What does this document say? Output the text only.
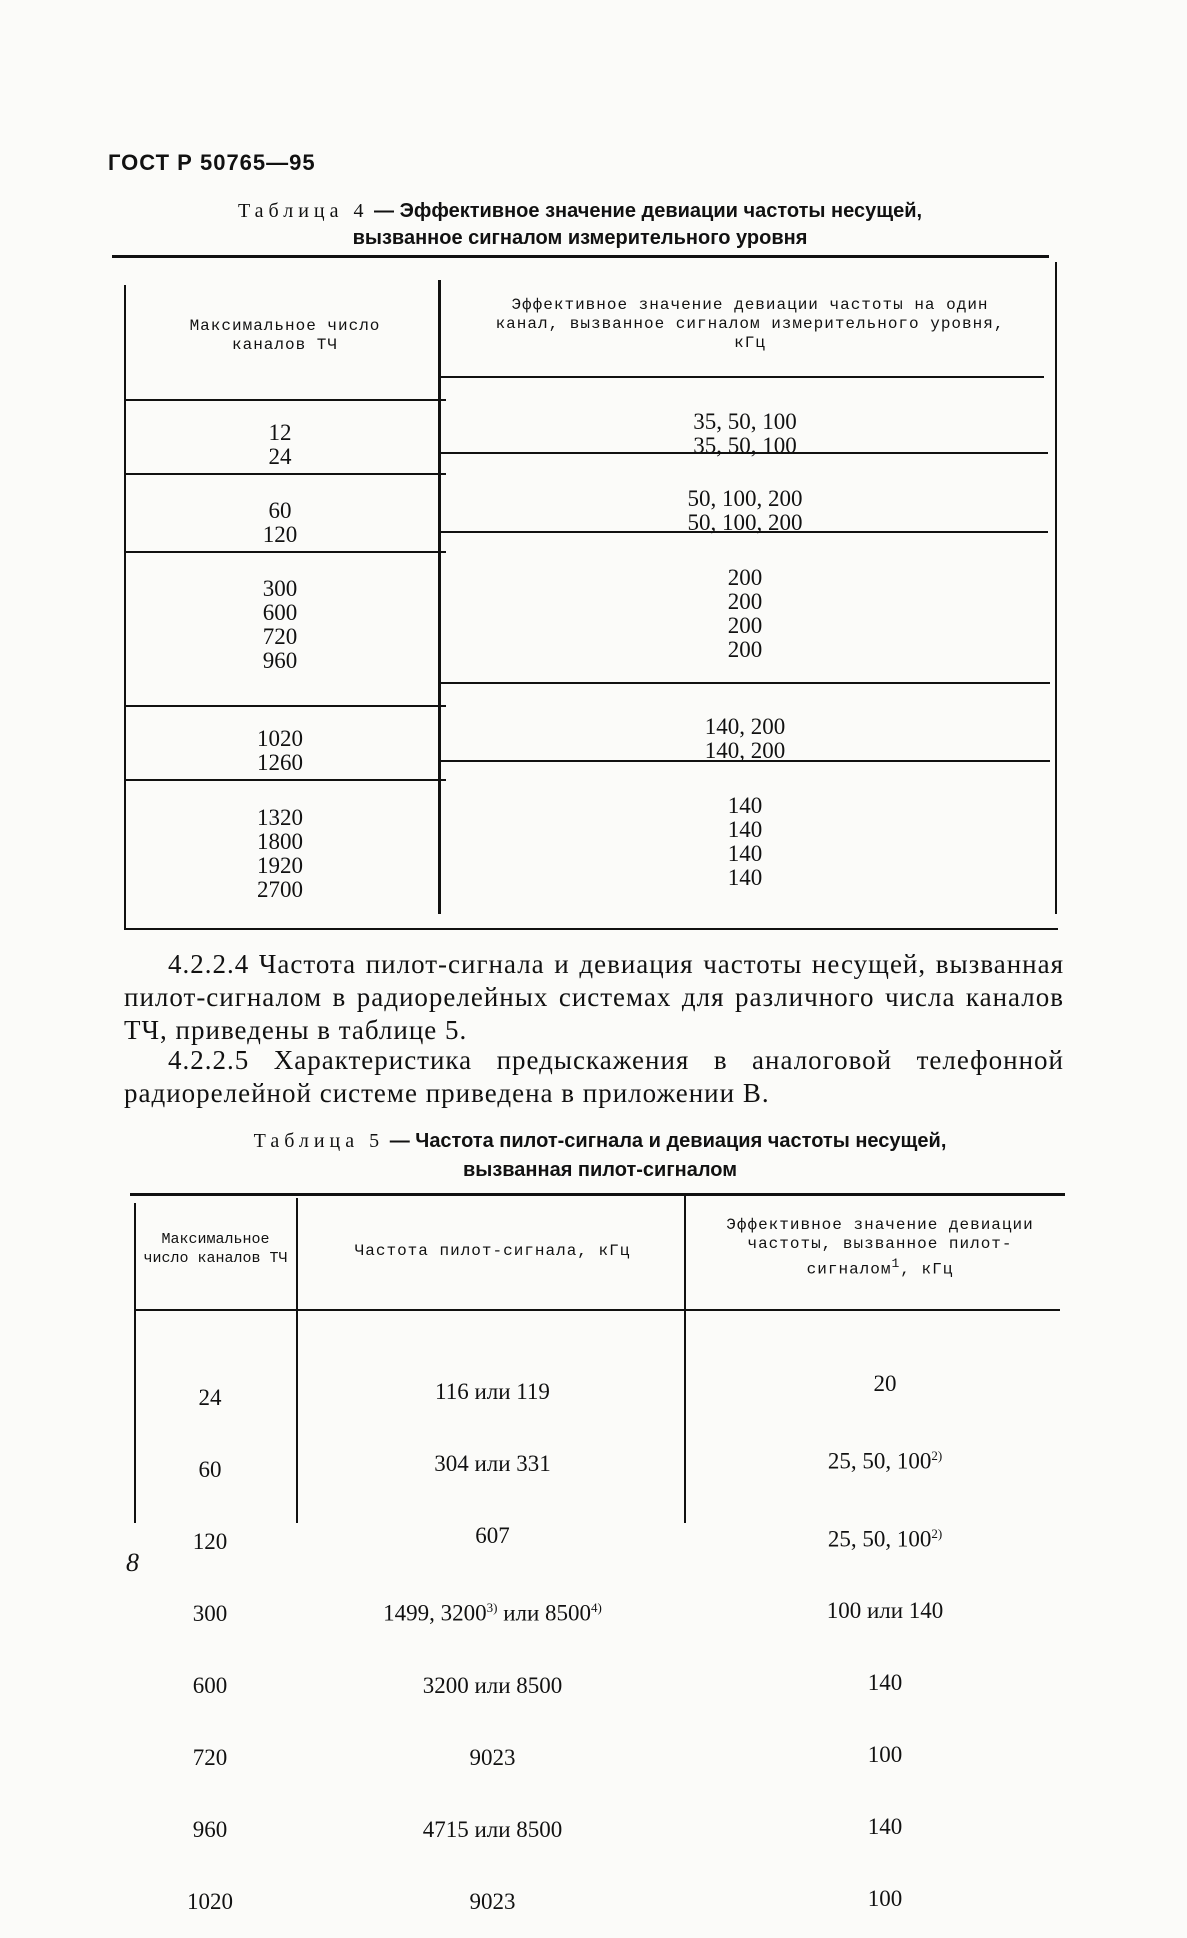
ГОСТ Р 50765—95
Таблица 4 — Эффективное значение девиации частоты несущей,
вызванное сигналом измерительного уровня
Максимальное число каналов ТЧ
Эффективное значение девиации частоты на один канал, вызванное сигналом измерительного уровня, кГц
12
24
35, 50, 100
35, 50, 100
60
120
50, 100, 200
50, 100, 200
300
600
720
960
200
200
200
200
1020
1260
140, 200
140, 200
1320
1800
1920
2700
140
140
140
140
4.2.2.4 Частота пилот-сигнала и девиация частоты несущей, вызванная пилот-сигналом в радиорелейных системах для различного числа каналов ТЧ, приведены в таблице 5.
4.2.2.5 Характеристика предыскажения в аналоговой телефонной радиорелейной системе приведена в приложении В.
Таблица 5 — Частота пилот-сигнала и девиация частоты несущей,
вызванная пилот-сигналом
Максимальное число каналов ТЧ	Частота пилот-сигнала, кГц
Эффективное значение девиации частоты, вызванное пилот-сигналом$^1$, кГц

24

60

120

300

600

720

960

1020

116 или 119

304 или 331

607

1499, 3200$^{3)}$ или 8500$^{4)}$

3200 или 8500

9023

4715 или 8500

9023

20

25, 50, 100$^{2)}$

25, 50, 100$^{2)}$

100 или 140

140

100

140

100

8
